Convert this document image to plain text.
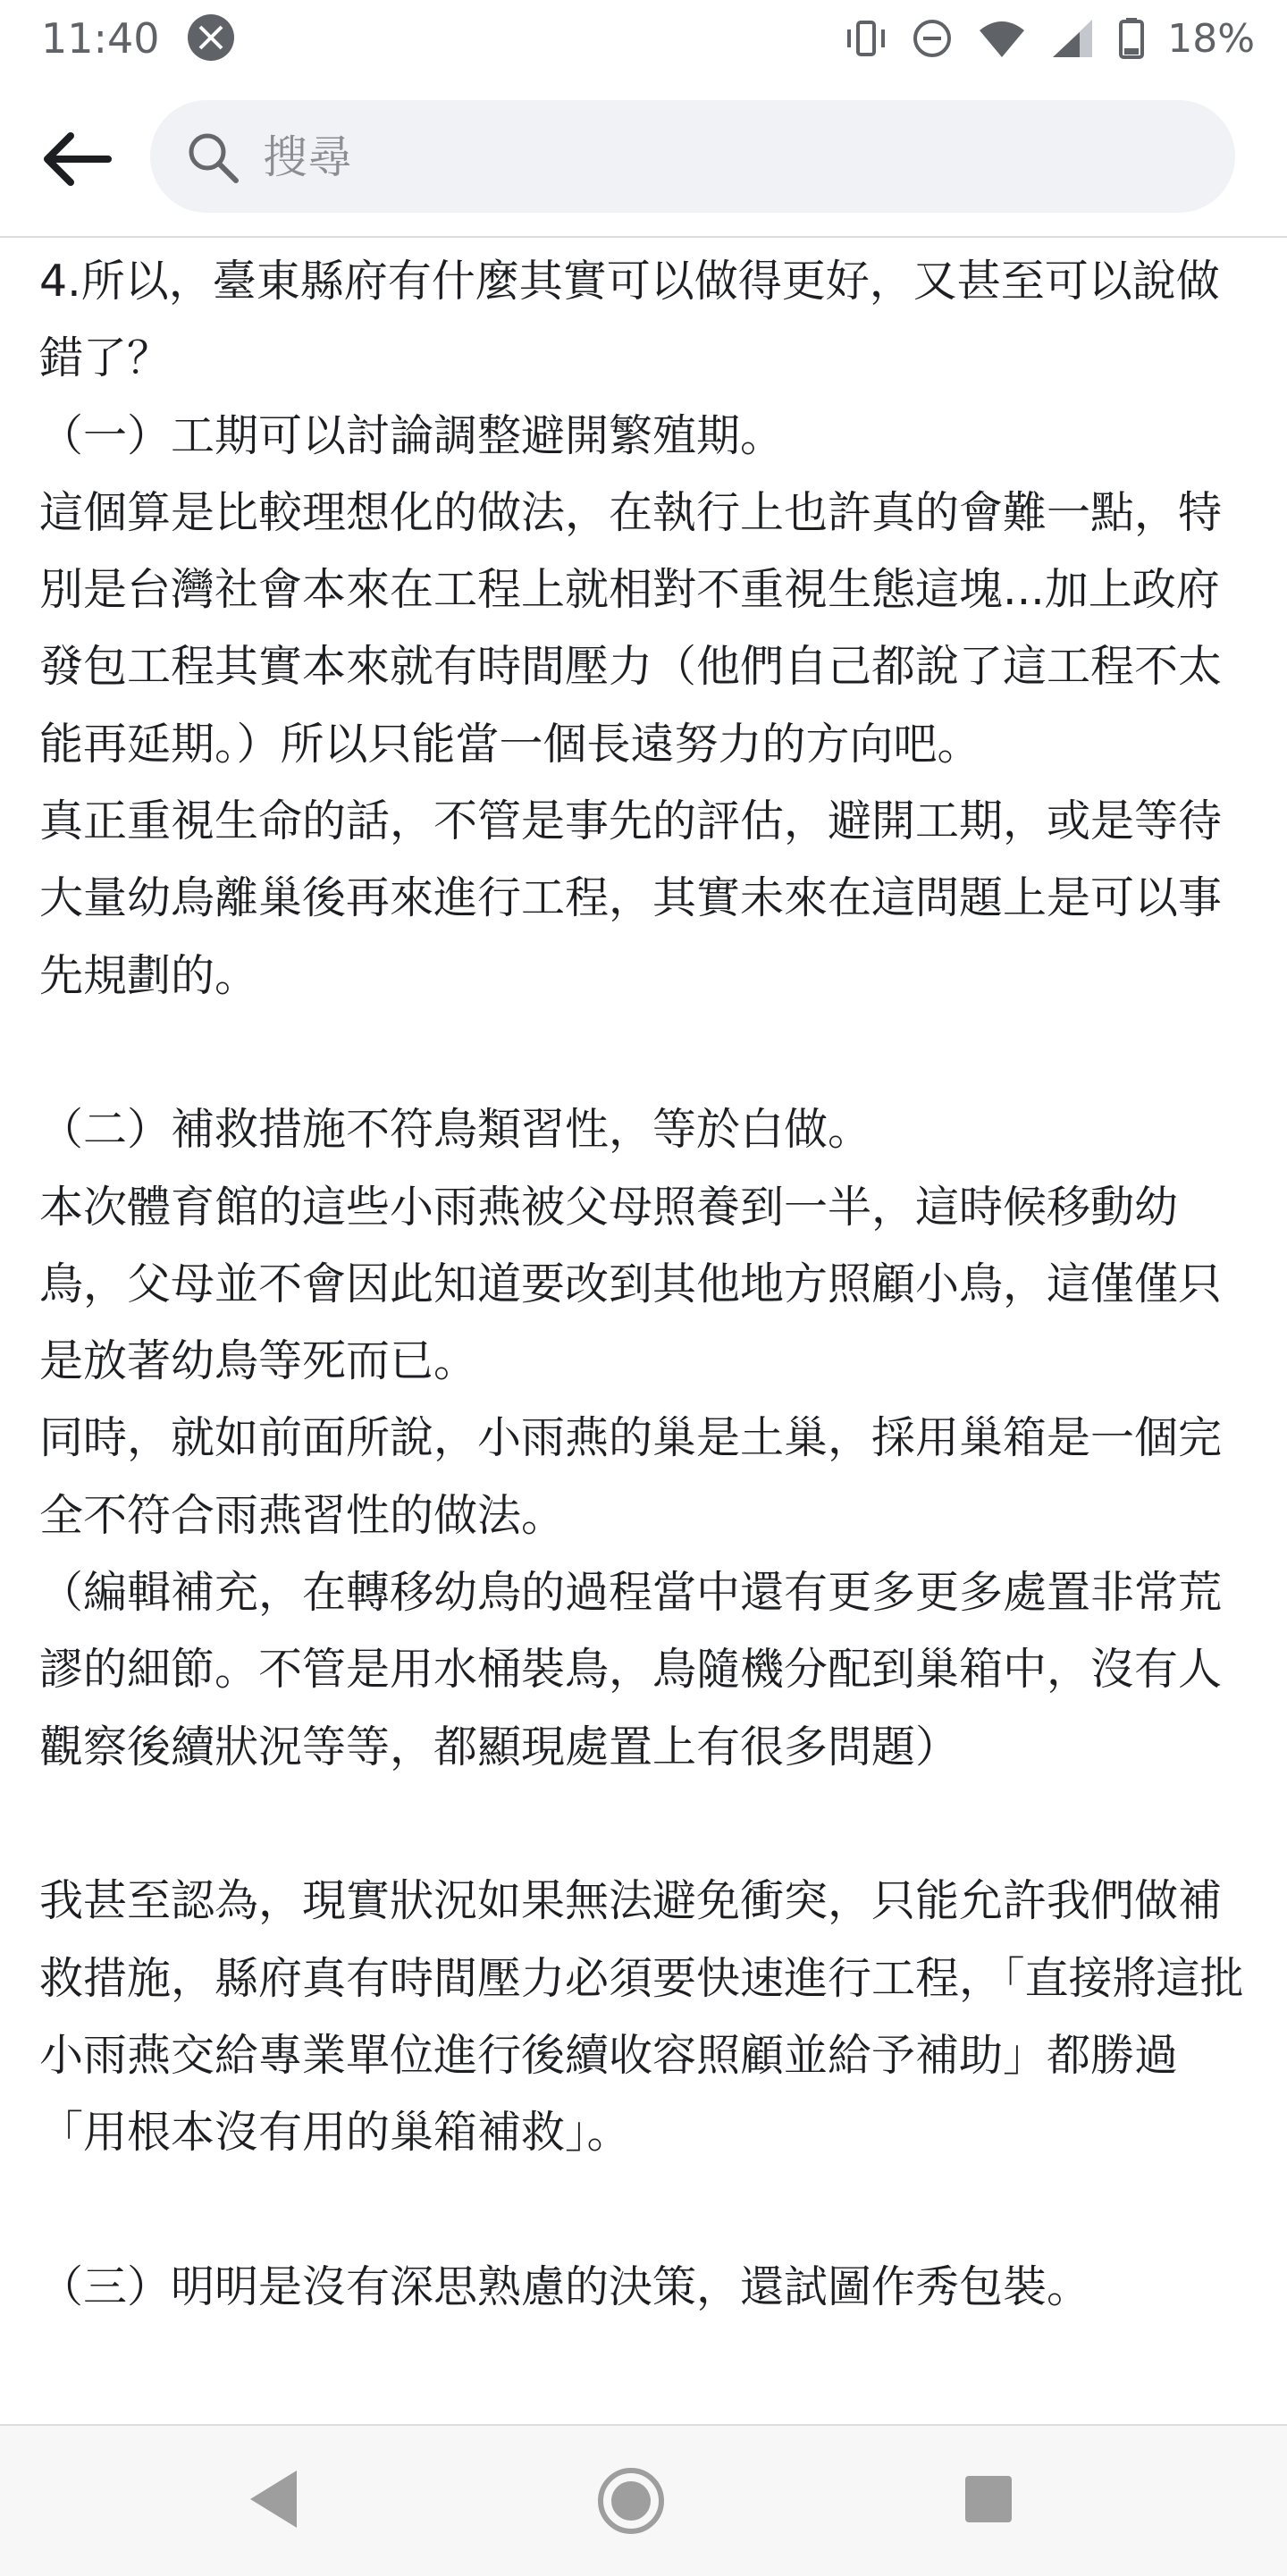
11:40	18%
搜尋

4.所以，臺東縣府有什麼其實可以做得更好，又甚至可以說做錯了？

（一）工期可以討論調整避開繁殖期。

這個算是比較理想化的做法，在執行上也許真的會難一點，特別是台灣社會本來在工程上就相對不重視生態這塊...加上政府發包工程其實本來就有時間壓力（他們自己都說了這工程不太能再延期。）所以只能當一個長遠努力的方向吧。

真正重視生命的話，不管是事先的評估，避開工期，或是等待大量幼鳥離巢後再來進行工程，其實未來在這問題上是可以事先規劃的。

（二）補救措施不符鳥類習性，等於白做。

本次體育館的這些小雨燕被父母照養到一半，這時候移動幼鳥，父母並不會因此知道要改到其他地方照顧小鳥，這僅僅只是放著幼鳥等死而已。

同時，就如前面所說，小雨燕的巢是土巢，採用巢箱是一個完全不符合雨燕習性的做法。

（編輯補充，在轉移幼鳥的過程當中還有更多更多處置非常荒謬的細節。不管是用水桶裝鳥，鳥隨機分配到巢箱中，沒有人觀察後續狀況等等，都顯現處置上有很多問題）

我甚至認為，現實狀況如果無法避免衝突，只能允許我們做補救措施，縣府真有時間壓力必須要快速進行工程，「直接將這批小雨燕交給專業單位進行後續收容照顧並給予補助」都勝過「用根本沒有用的巢箱補救」。

（三）明明是沒有深思熟慮的決策，還試圖作秀包裝。
